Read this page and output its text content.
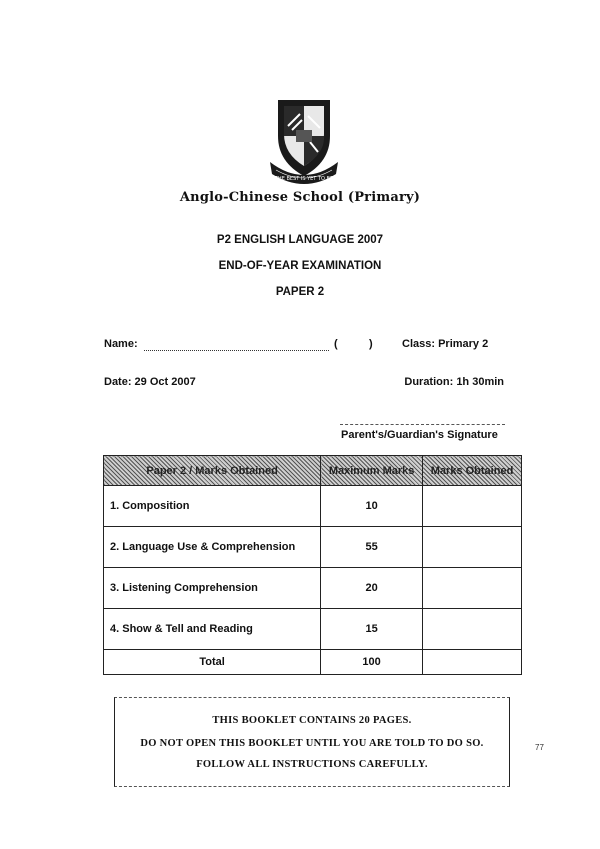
THE BEST IS YET TO BE
Anglo-Chinese School (Primary)
P2 ENGLISH LANGUAGE 2007
END-OF-YEAR EXAMINATION
PAPER 2
Name:	(	)	Class: Primary 2
Date: 29 Oct 2007	Duration: 1h 30min
Parent's/Guardian's Signature
Paper 2 / Marks Obtained	Maximum Marks	Marks Obtained
1. Composition	10	
2. Language Use & Comprehension	55	
3. Listening Comprehension	20	
4. Show & Tell and Reading	15	
Total	100	
THIS BOOKLET CONTAINS 20 PAGES.
DO NOT OPEN THIS BOOKLET UNTIL YOU ARE TOLD TO DO SO.
FOLLOW ALL INSTRUCTIONS CAREFULLY.
77
